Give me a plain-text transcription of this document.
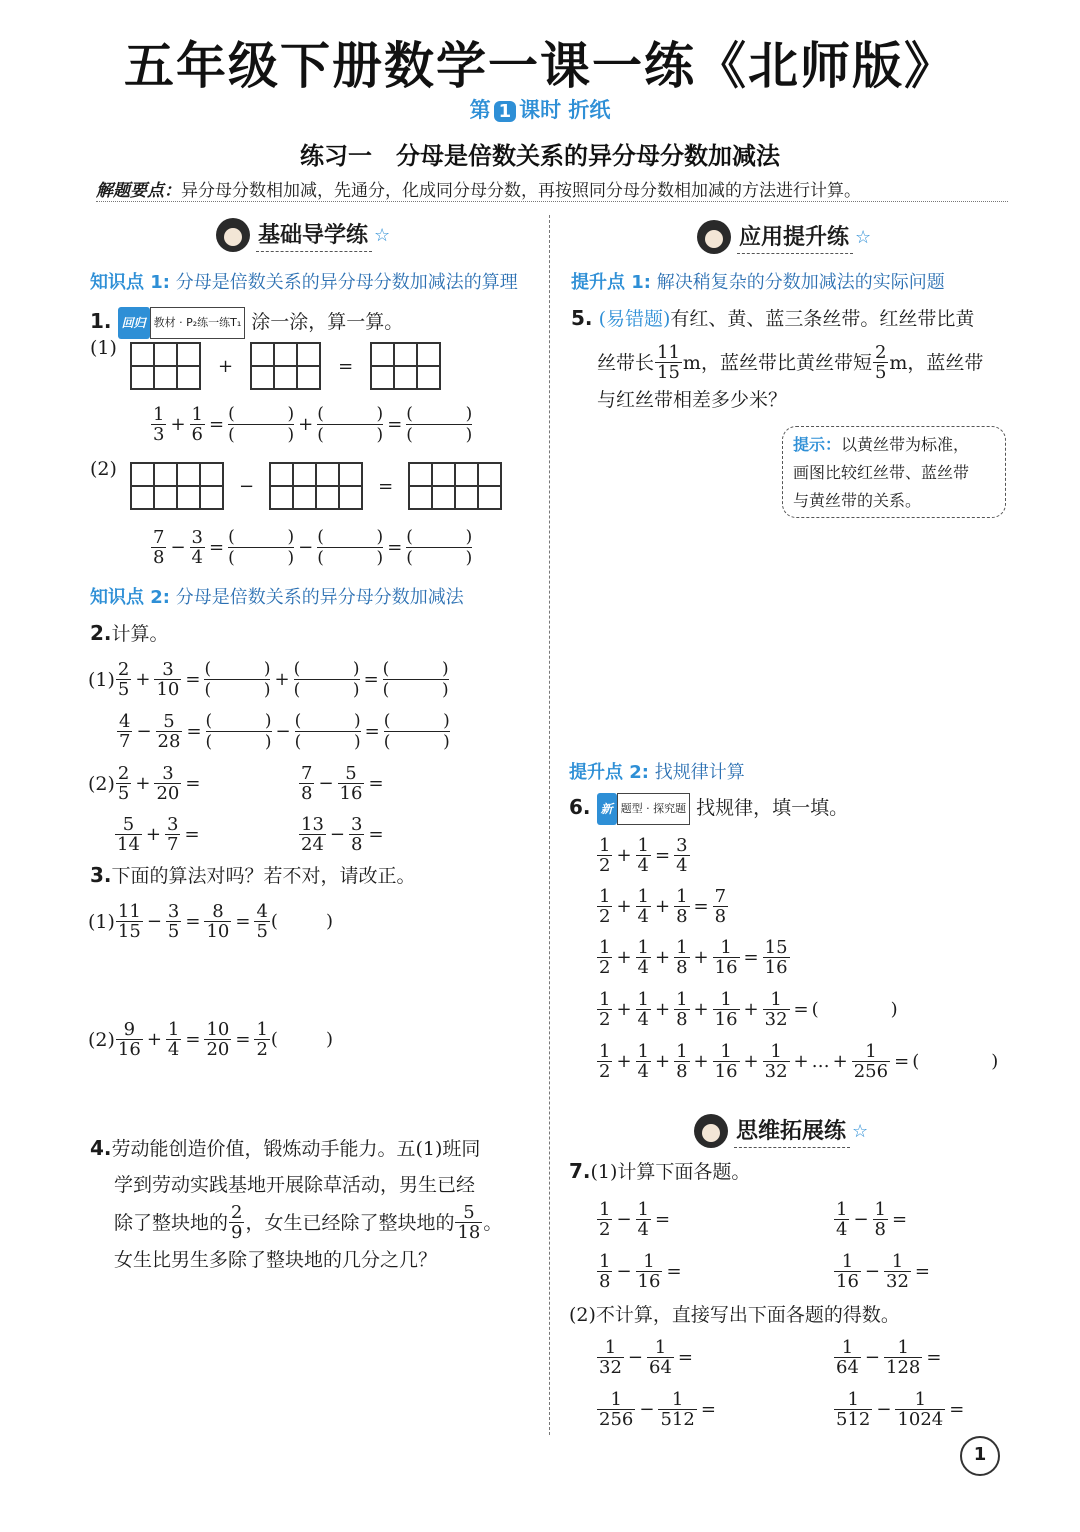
五年级下册数学一课一练《北师版》
第 1 课时 折纸
练习一　分母是倍数关系的异分母分数加减法
解题要点：异分母分数相加减，先通分，化成同分母分数，再按照同分母分数相加减的方法进行计算。
基础导学练 ☆
知识点 1: 分母是倍数关系的异分母分数加减法的算理
1. 回归 教材 · P₂练一练T₁ 涂一涂，算一算。
(1)
+	=
$\frac{1}{3} + \frac{1}{6}$ = (	)
(	) + (	)
(	) = (	)
(	)
(2)
−	=
$\frac{7}{8} - \frac{3}{4}$ = (	)
(	) − (	)
(	) = (	)
(	)
知识点 2: 分母是倍数关系的异分母分数加减法
2.计算。
$(1) \frac{2}{5} + \frac{3}{10}$ = (	)
(	) + (	)
(	) = (	)
(	)
$\frac{4}{7} - \frac{5}{28}$ = (	)
(	) − (	)
(	) = (	)
(	)
$(2) \frac{2}{5} + \frac{3}{20}$ =	$\frac{7}{8} - \frac{5}{16}$ =
$\frac{5}{14} + \frac{3}{7}$ =	$\frac{13}{24} - \frac{3}{8}$ =
3.下面的算法对吗？若不对，请改正。
$(1) \frac{11}{15} - \frac{3}{5} = \frac{8}{10} = \frac{4}{5}$ (	)
$(2) \frac{9}{16} + \frac{1}{4} = \frac{10}{20} = \frac{1}{2}$ (	)
4.劳动能创造价值，锻炼动手能力。五(1)班同
学到劳动实践基地开展除草活动，男生已经
除了整块地的 $\frac{2}{9}$ ，女生已经除了整块地的 $\frac{5}{18}$ 。
女生比男生多除了整块地的几分之几？
应用提升练 ☆
提升点 1: 解决稍复杂的分数加减法的实际问题
5. (易错题)有红、黄、蓝三条丝带。红丝带比黄
丝带长 $\frac{11}{15}$ m，蓝丝带比黄丝带短 $\frac{2}{5}$ m，蓝丝带
与红丝带相差多少米？
提示：以黄丝带为标准，
画图比较红丝带、蓝丝带
与黄丝带的关系。
提升点 2: 找规律计算
6. 新 题型 · 探究题 找规律，填一填。
$\frac{1}{2} + \frac{1}{4} = \frac{3}{4}$
$\frac{1}{2} + \frac{1}{4} + \frac{1}{8} = \frac{7}{8}$
$\frac{1}{2} + \frac{1}{4} + \frac{1}{8} + \frac{1}{16} = \frac{15}{16}$
$\frac{1}{2} + \frac{1}{4} + \frac{1}{8} + \frac{1}{16} + \frac{1}{32}$ = (	)
$\frac{1}{2} + \frac{1}{4} + \frac{1}{8} + \frac{1}{16} + \frac{1}{32}$ + … + $\frac{1}{256}$ = (	)
思维拓展练 ☆
7.(1)计算下面各题。
$\frac{1}{2} - \frac{1}{4}$ =	$\frac{1}{4} - \frac{1}{8}$ =
$\frac{1}{8} - \frac{1}{16}$ =	$\frac{1}{16} - \frac{1}{32}$ =
(2)不计算，直接写出下面各题的得数。
$\frac{1}{32} - \frac{1}{64}$ =	$\frac{1}{64} - \frac{1}{128}$ =
$\frac{1}{256} - \frac{1}{512}$ =	$\frac{1}{512} - \frac{1}{1024}$ =
1
